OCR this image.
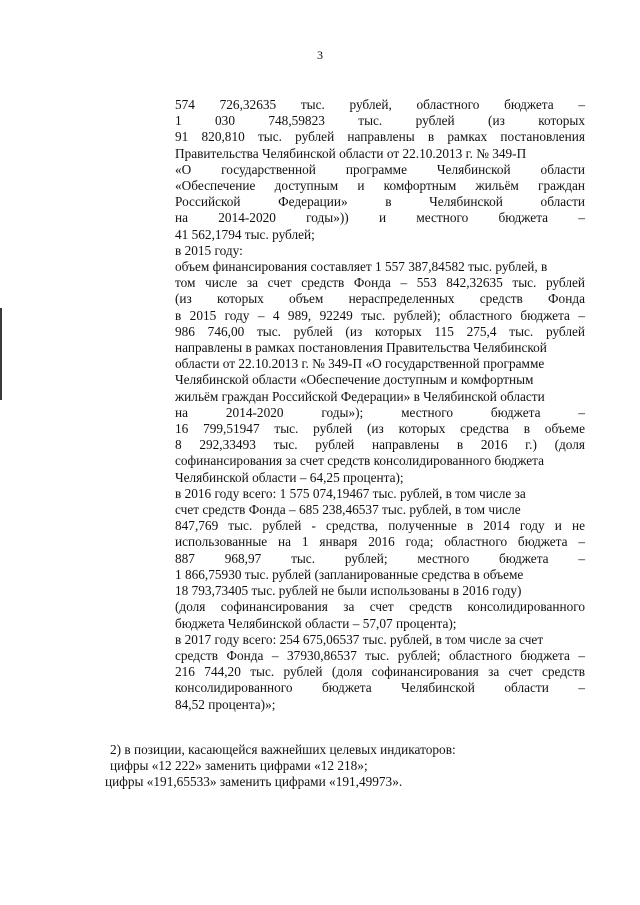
3
574 726,32635 тыс. рублей, областного бюджета –
1 030 748,59823 тыс. рублей (из которых
91 820,810 тыс. рублей направлены в рамках постановления
Правительства Челябинской области от 22.10.2013 г. № 349-П
«О государственной программе Челябинской области
«Обеспечение доступным и комфортным жильём граждан
Российской Федерации» в Челябинской области
на 2014-2020 годы»)) и местного бюджета –
41 562,1794 тыс. рублей;
в 2015 году:
объем финансирования составляет 1 557 387,84582 тыс. рублей, в
том числе за счет средств Фонда – 553 842,32635 тыс. рублей
(из которых объем нераспределенных средств Фонда
в 2015 году – 4 989, 92249 тыс. рублей); областного бюджета –
986 746,00 тыс. рублей (из которых 115 275,4 тыс. рублей
направлены в рамках постановления Правительства Челябинской
области от 22.10.2013 г. № 349-П «О государственной программе
Челябинской области «Обеспечение доступным и комфортным
жильём граждан Российской Федерации» в Челябинской области
на 2014-2020 годы»); местного бюджета –
16 799,51947 тыс. рублей (из которых средства в объеме
8 292,33493 тыс. рублей направлены в 2016 г.) (доля
софинансирования за счет средств консолидированного бюджета
Челябинской области – 64,25 процента);
в 2016 году всего: 1 575 074,19467 тыс. рублей, в том числе за
счет средств Фонда – 685 238,46537 тыс. рублей, в том числе
847,769 тыс. рублей - средства, полученные в 2014 году и не
использованные на 1 января 2016 года; областного бюджета –
887 968,97 тыс. рублей; местного бюджета –
1 866,75930 тыс. рублей (запланированные средства в объеме
18 793,73405 тыс. рублей не были использованы в 2016 году)
(доля софинансирования за счет средств консолидированного
бюджета Челябинской области – 57,07 процента);
в 2017 году всего: 254 675,06537 тыс. рублей, в том числе за счет
средств Фонда – 37930,86537 тыс. рублей; областного бюджета –
216 744,20 тыс. рублей (доля софинансирования за счет средств
консолидированного бюджета Челябинской области –
84,52 процента)»;
2) в позиции, касающейся важнейших целевых индикаторов:
цифры «12 222» заменить цифрами «12 218»;
цифры «191,65533» заменить цифрами «191,49973».
